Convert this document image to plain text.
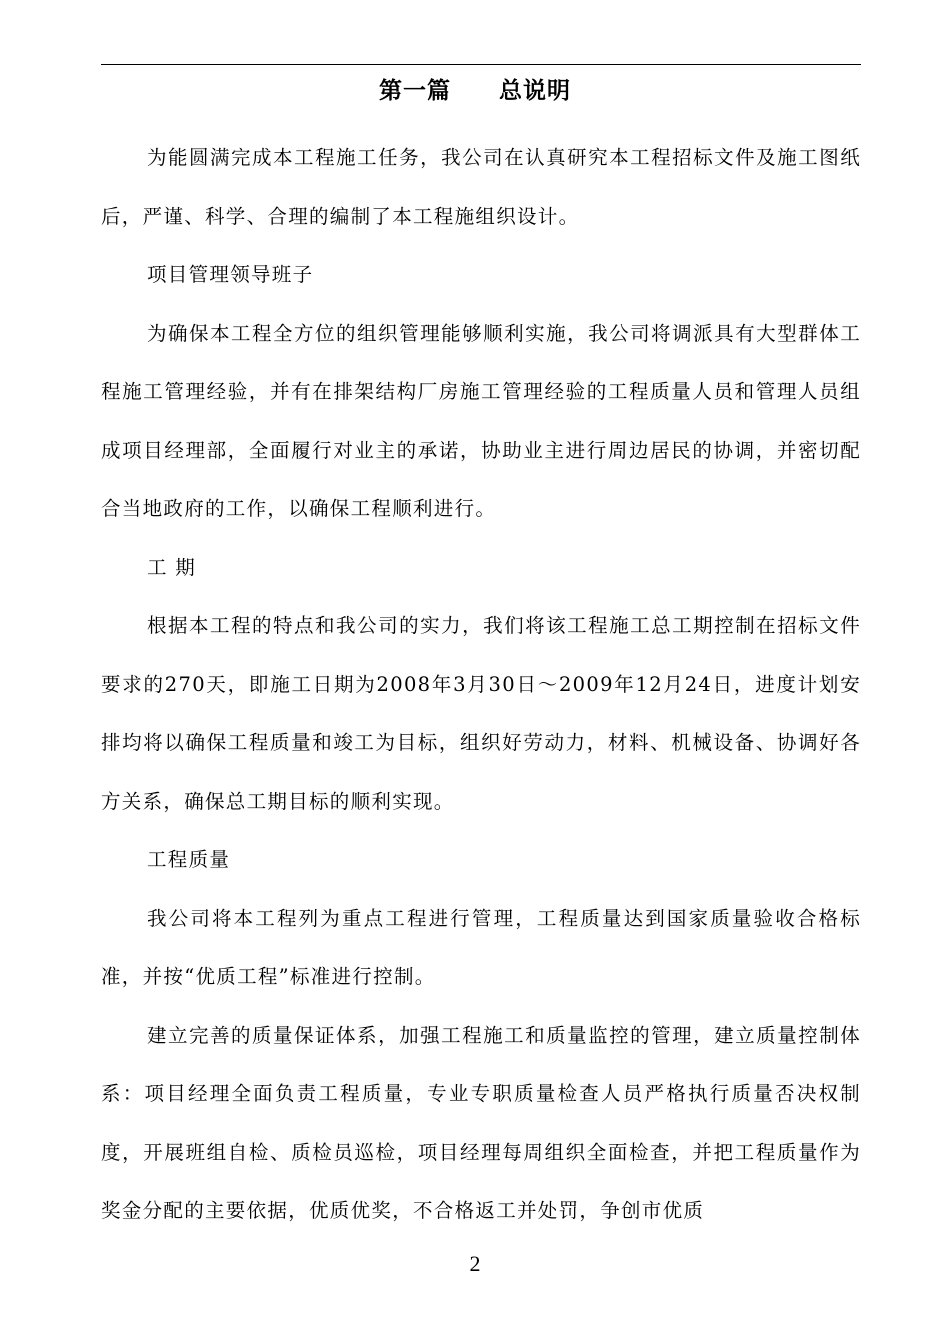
第一篇　　总说明

为能圆满完成本工程施工任务，我公司在认真研究本工程招标文件及施工图纸后，严谨、科学、合理的编制了本工程施组织设计。

项目管理领导班子

为确保本工程全方位的组织管理能够顺利实施，我公司将调派具有大型群体工程施工管理经验，并有在排架结构厂房施工管理经验的工程质量人员和管理人员组成项目经理部，全面履行对业主的承诺，协助业主进行周边居民的协调，并密切配合当地政府的工作，以确保工程顺利进行。

工 期

根据本工程的特点和我公司的实力，我们将该工程施工总工期控制在招标文件要求的270天，即施工日期为2008年3月30日～2009年12月24日，进度计划安排均将以确保工程质量和竣工为目标，组织好劳动力，材料、机械设备、协调好各方关系，确保总工期目标的顺利实现。

工程质量

我公司将本工程列为重点工程进行管理，工程质量达到国家质量验收合格标准，并按“优质工程”标准进行控制。

建立完善的质量保证体系，加强工程施工和质量监控的管理，建立质量控制体系：项目经理全面负责工程质量，专业专职质量检查人员严格执行质量否决权制度，开展班组自检、质检员巡检，项目经理每周组织全面检查，并把工程质量作为奖金分配的主要依据，优质优奖，不合格返工并处罚，争创市优质

2
